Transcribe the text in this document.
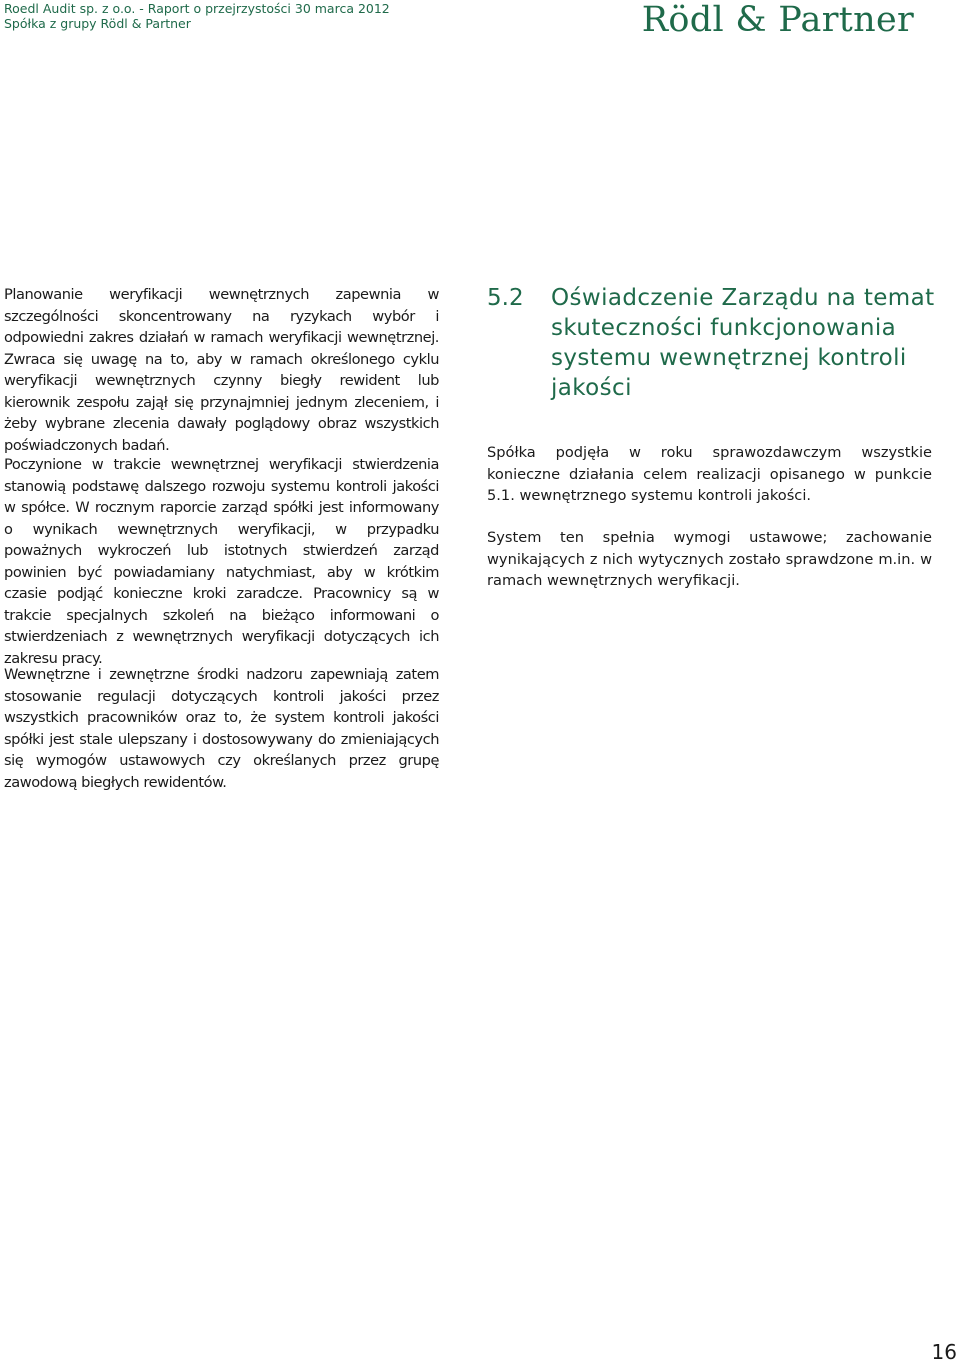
Roedl Audit sp. z o.o. - Raport o przejrzystości 30 marca 2012
Spółka z grupy Rödl & Partner	Rödl & Partner

Planowanie weryfikacji wewnętrznych zapewnia w szczególności skoncentrowany na ryzykach wybór i odpowiedni zakres działań w ramach weryfikacji wewnętrznej. Zwraca się uwagę na to, aby w ramach określonego cyklu weryfikacji wewnętrznych czynny biegły rewident lub kierownik zespołu zajął się przynajmniej jednym zleceniem, i żeby wybrane zlecenia dawały poglądowy obraz wszystkich poświadczonych badań.

Poczynione w trakcie wewnętrznej weryfikacji stwierdzenia stanowią podstawę dalszego rozwoju systemu kontroli jakości w spółce. W rocznym raporcie zarząd spółki jest informowany o wynikach wewnętrznych weryfikacji, w przypadku poważnych wykroczeń lub istotnych stwierdzeń zarząd powinien być powiadamiany natychmiast, aby w krótkim czasie podjąć konieczne kroki zaradcze. Pracownicy są w trakcie specjalnych szkoleń na bieżąco informowani o stwierdzeniach z wewnętrznych weryfikacji dotyczących ich zakresu pracy.

Wewnętrzne i zewnętrzne środki nadzoru zapewniają zatem stosowanie regulacji dotyczących kontroli jakości przez wszystkich pracowników oraz to, że system kontroli jakości spółki jest stale ulepszany i dostosowywany do zmieniających się wymogów ustawowych czy określanych przez grupę zawodową biegłych rewidentów.

5.2 Oświadczenie Zarządu na temat skuteczności funkcjonowania systemu wewnętrznej kontroli jakości

Spółka podjęła w roku sprawozdawczym wszystkie konieczne działania celem realizacji opisanego w punkcie 5.1. wewnętrznego systemu kontroli jakości.

System ten spełnia wymogi ustawowe; zachowanie wynikających z nich wytycznych zostało sprawdzone m.in. w ramach wewnętrznych weryfikacji.

16
